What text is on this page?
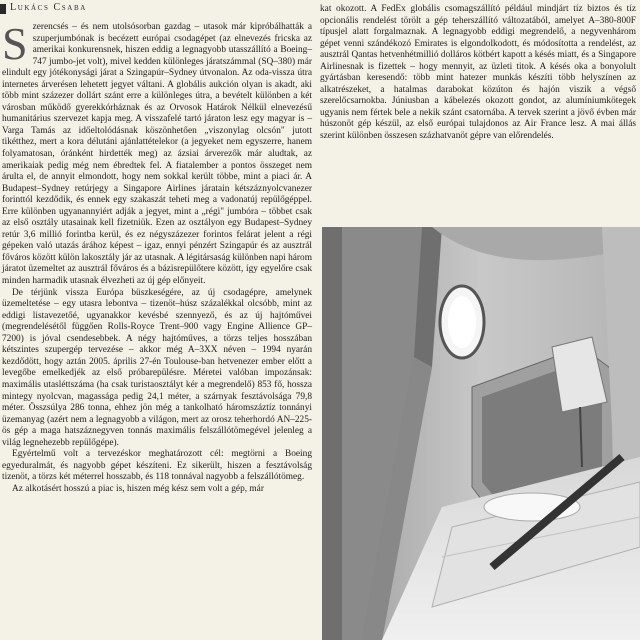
Lukács Csaba

Szerencsés – és nem utolsósorban gazdag – utasok már kipróbálhatták a szuperjumbónak is becézett európai csodagépet (az elnevezés fricska az amerikai konkurensnek, hiszen eddig a legnagyobb utasszállító a Boeing–747 jumbo-jet volt), mivel kedden különleges járatszámmal (SQ–380) már elindult egy jótékonysági járat a Szingapúr–Sydney útvonalon. Az oda-vissza útra internetes árverésen lehetett jegyet váltani. A globális aukción olyan is akadt, aki több mint százezer dollárt szánt erre a különleges útra, a bevételt különben a két városban működő gyerekkórháznak és az Orvosok Határok Nélkül elnevezésű humanitárius szervezet kapja meg. A visszafelé tartó járaton lesz egy magyar is – Varga Tamás az időeltolódásnak köszönhetően „viszonylag olcsón" jutott tikétthez, mert a kora délutáni ajánlattételekor (a jegyeket nem egyszerre, hanem folyamatosan, óránként hirdették meg) az ázsiai árverezők már aludtak, az amerikaiak pedig még nem ébredtek fel. A fiatalember a pontos összeget nem árulta el, de annyit elmondott, hogy nem sokkal került többe, mint a piaci ár. A Budapest–Sydney retúrjegy a Singapore Airlines járatain kétszáznyolcvanezer forinttól kezdődik, és ennek egy szakaszát teheti meg a vadonatúj repülőgéppel. Erre különben ugyanannyiért adják a jegyet, mint a „régi" jumbóra – többet csak az első osztály utasainak kell fizetniük. Ezen az osztályon egy Budapest–Sydney retúr 3,6 millió forintba kerül, és ez négyszázezer forintos felárat jelent a régi gépeken való utazás árához képest – igaz, ennyi pénzért Szingapúr és az ausztrál főváros között külön lakosztály jár az utasnak. A légitársaság különben napi három járatot üzemeltet az ausztrál főváros és a bázisrepülőtere között, így egyelőre csak minden harmadik utasnak élvezheti az új gép előnyeit.

De térjünk vissza Európa büszkeségére, az új csodagépre, amelynek üzemeltetése – egy utasra lebontva – tizenöt–húsz százalékkal olcsóbb, mint az eddigi listavezetőé, ugyanakkor kevésbé szennyező, és az új hajtóművei (megrendelésétől függően Rolls-Royce Trent–900 vagy Engine Allience GP–7200) is jóval csendesebbek. A négy hajtóműves, a törzs teljes hosszában kétszintes szupergép tervezése – akkor még A–3XX néven – 1994 nyarán kezdődött, hogy aztán 2005. április 27-én Toulouse-ban hetvenezer ember előtt a levegőbe emelkedjék az első próbarepülésre. Méretei valóban impozánsak: maximális utasléttszáma (ha csak turistaosztályt kér a megrendelő) 853 fő, hossza mintegy nyolcvan, magassága pedig 24,1 méter, a szárnyak fesztávolsága 79,8 méter. Összsúlya 286 tonna, ehhez jön még a tankolható háromszáztíz tonnányi üzemanyag (azért nem a legnagyobb a világon, mert az orosz teherhordó AN–225-ös gép a maga hatszáznegyven tonnás maximális felszállótömegével jelenleg a világ legnehezebb repülőgépe).

Egyértelmű volt a tervezéskor meghatározott cél: megtörni a Boeing egyeduralmát, és nagyobb gépet készíteni. Ez sikerült, hiszen a fesztávolság tizenöt, a törzs két méterrel hosszabb, és 118 tonnával nagyobb a felszállótömeg.

Az alkotásért hosszú a piac is, hiszen még kész sem volt a gép, már

kat okozott. A FedEx globális csomagszállító például mindjárt tíz biztos és tíz opcionális rendelést törölt a gép teherszállító változatából, amelyet A–380-800F típusjel alatt forgalmaznak. A legnagyobb eddigi megrendelő, a negyvenhárom gépet venni szándékozó Emirates is elgondolkodott, és módosította a rendelést, az ausztrál Qantas hetvenhétmillió dolláros kötbért kapott a késés miatt, és a Singapore Airlinesnak is fizettek – hogy mennyit, az üzleti titok. A késés oka a bonyolult gyártásban keresendő: több mint hatezer munkás készíti több helyszínen az alkatrészeket, a hatalmas darabokat közúton és hajón viszik a végső szerelőcsarnokba. Júniusban a kábelezés okozott gondot, az alumíniumkötegek ugyanis nem fértek bele a nekik szánt csatornába. A tervek szerint a jövő évben már húszonöt gép készül, az első európai tulajdonos az Air France lesz. A mai állás szerint különben összesen százhatvanöt gépre van előrendelés.
